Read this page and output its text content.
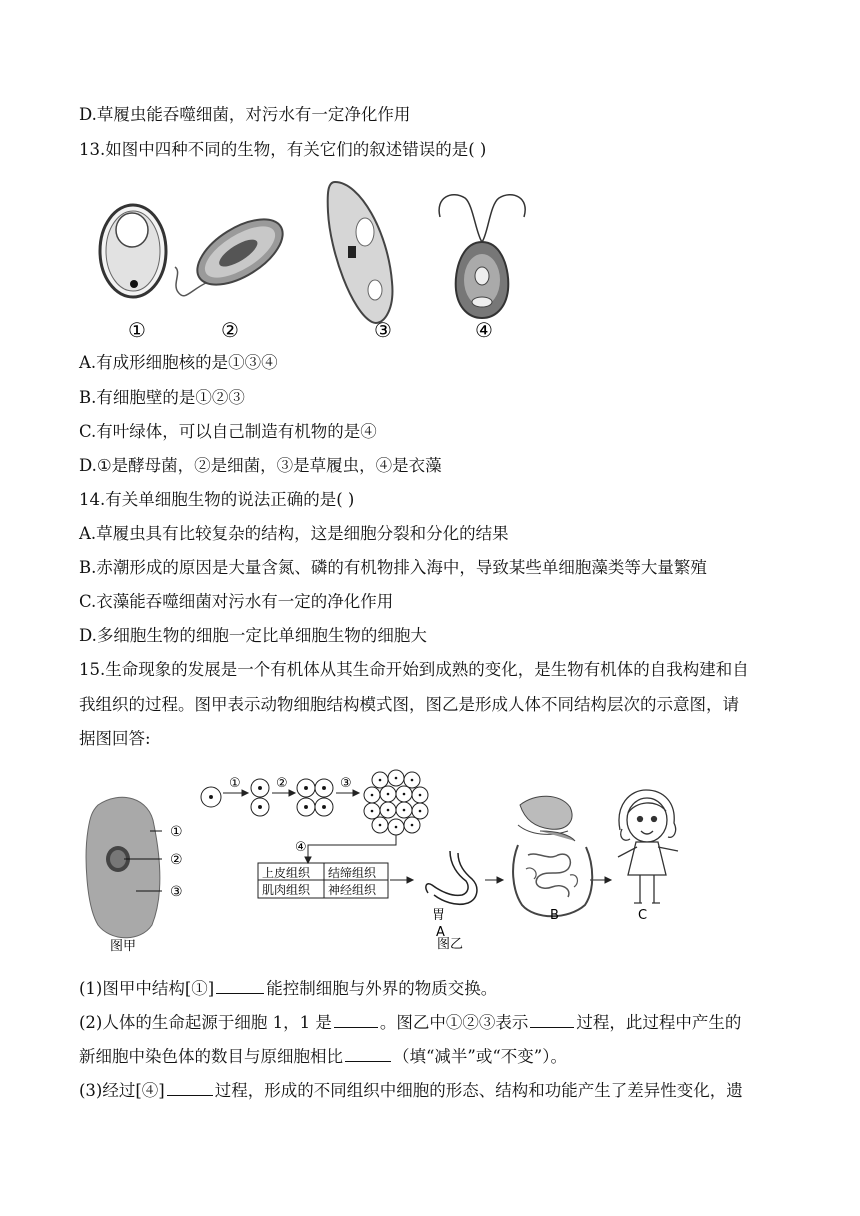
D.草履虫能吞噬细菌，对污水有一定净化作用
13.如图中四种不同的生物，有关它们的叙述错误的是( )
①	②	③	④
A.有成形细胞核的是①③④
B.有细胞壁的是①②③
C.有叶绿体，可以自己制造有机物的是④
D.①是酵母菌，②是细菌，③是草履虫，④是衣藻
14.有关单细胞生物的说法正确的是( )
A.草履虫具有比较复杂的结构，这是细胞分裂和分化的结果
B.赤潮形成的原因是大量含氮、磷的有机物排入海中，导致某些单细胞藻类等大量繁殖
C.衣藻能吞噬细菌对污水有一定的净化作用
D.多细胞生物的细胞一定比单细胞生物的细胞大
15.生命现象的发展是一个有机体从其生命开始到成熟的变化，是生物有机体的自我构建和自
我组织的过程。图甲表示动物细胞结构模式图，图乙是形成人体不同结构层次的示意图，请
据图回答:
①
②
③
图甲
①	②	③
④
上皮组织 结缔组织
肌肉组织 神经组织
胃
A
B	C
图乙
(1)图甲中结构[①]	能控制细胞与外界的物质交换。
(2)人体的生命起源于细胞 1，1 是	。图乙中①②③表示	过程，此过程中产生的
新细胞中染色体的数目与原细胞相比	（填“减半”或“不变”）。
(3)经过[④]	过程，形成的不同组织中细胞的形态、结构和功能产生了差异性变化，遗
